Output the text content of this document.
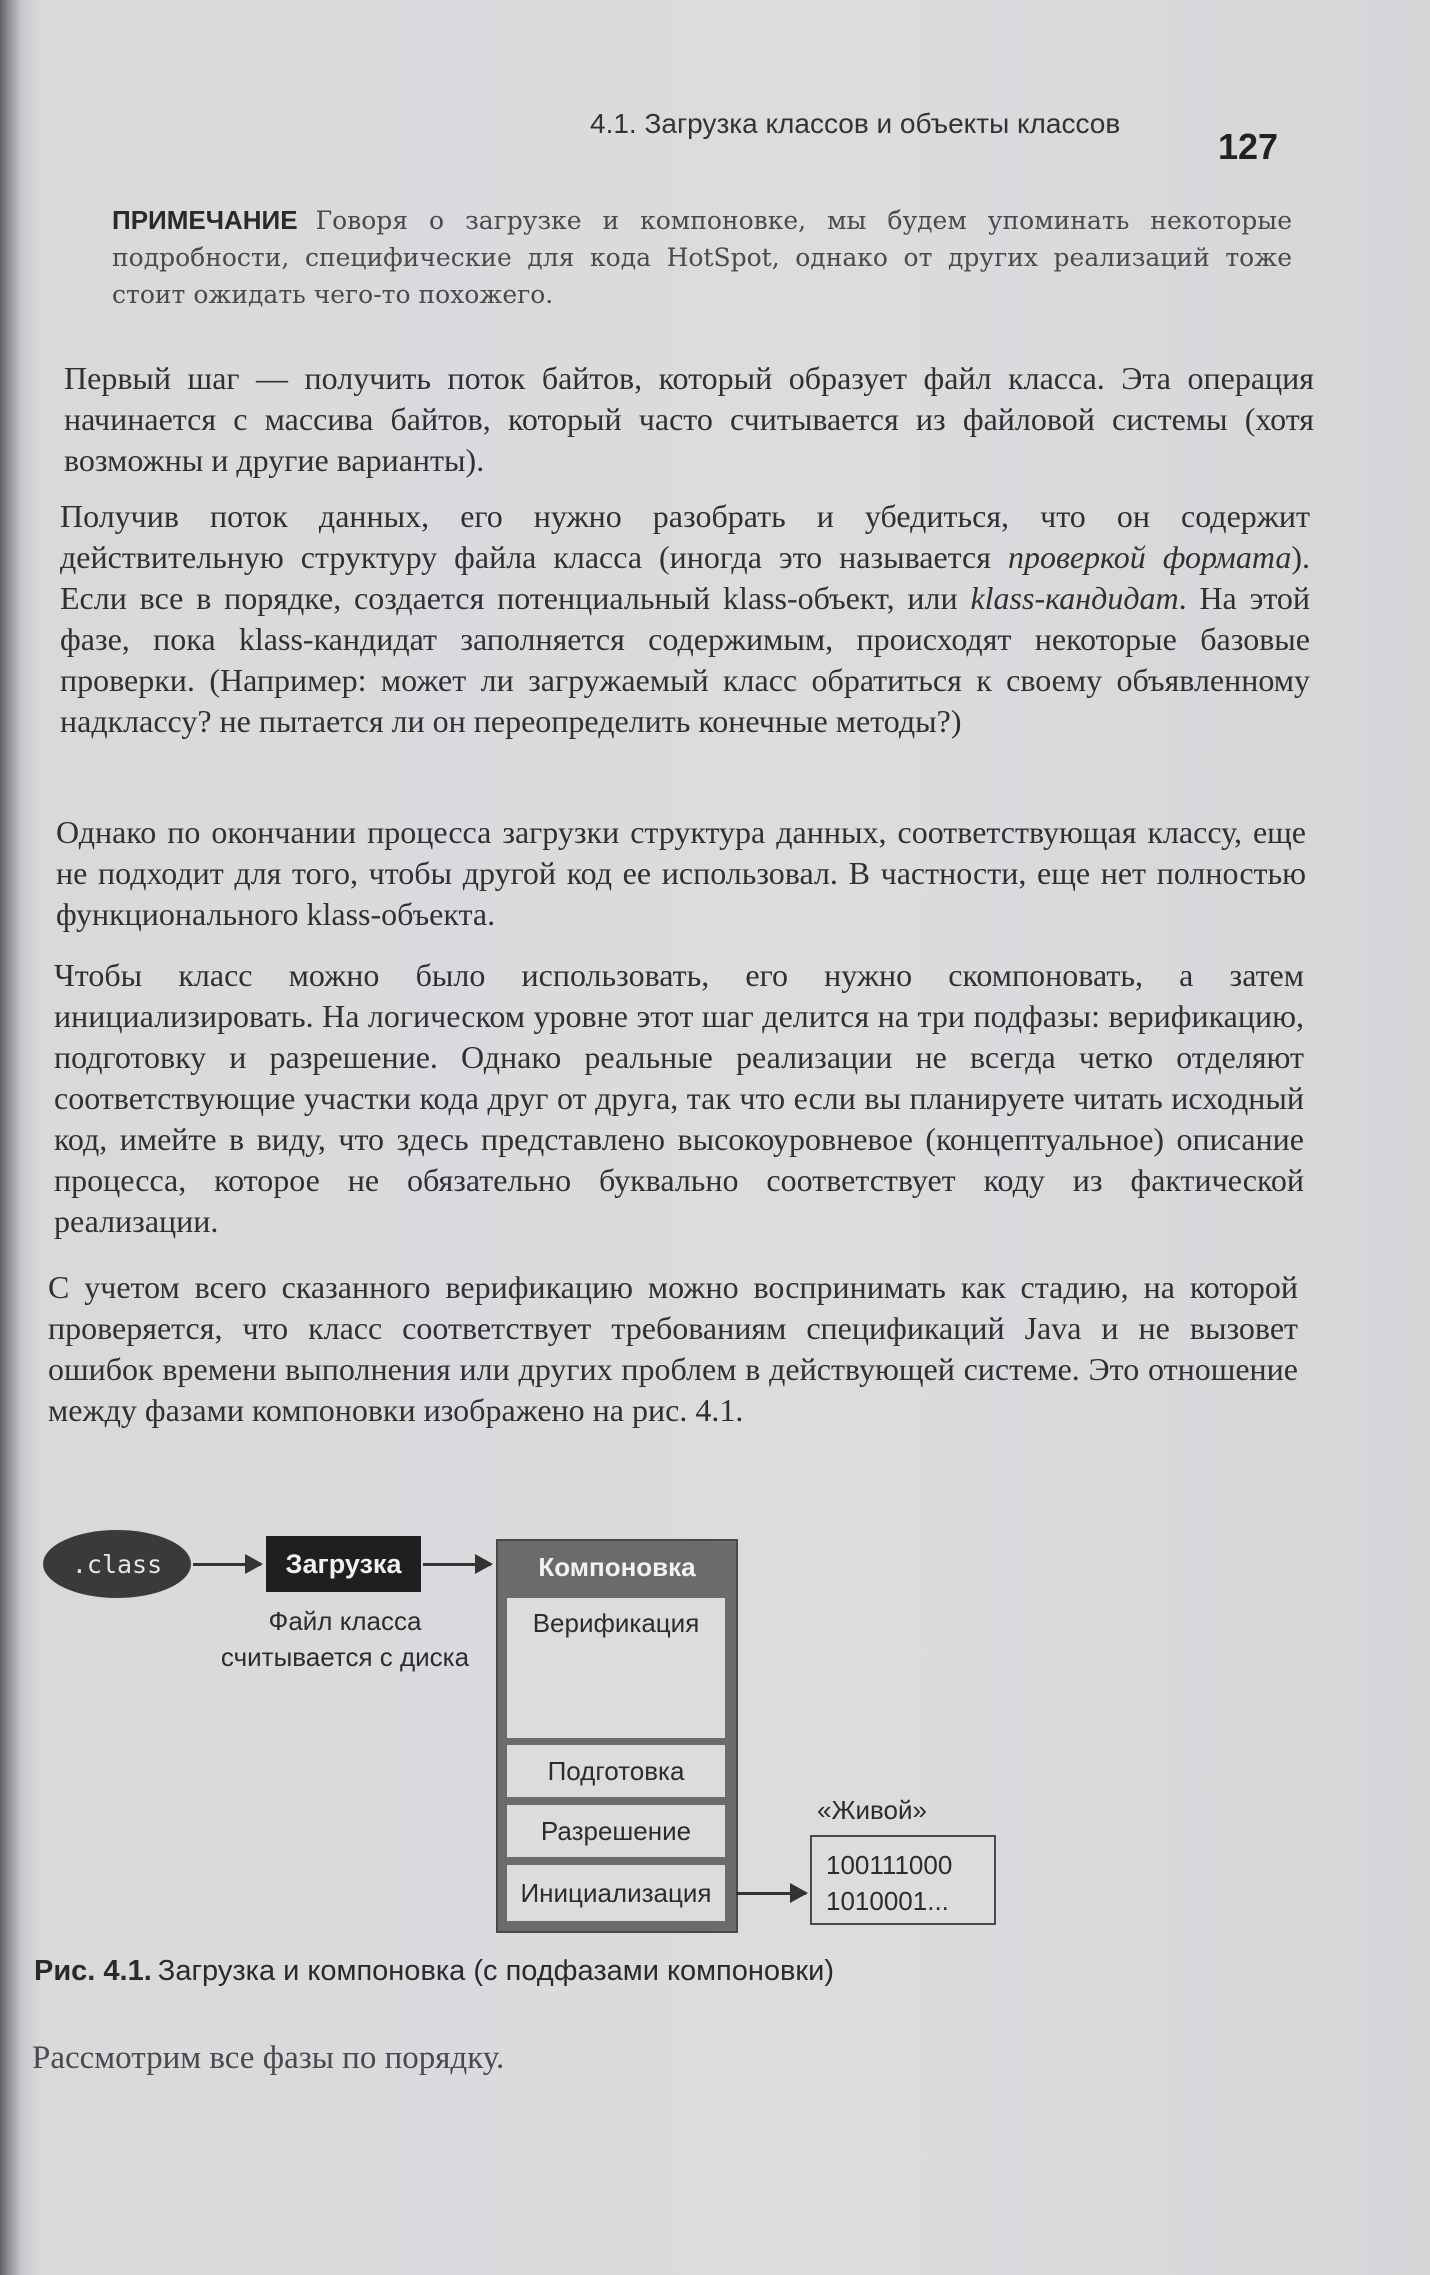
4.1. Загрузка классов и объекты классов
127
ПРИМЕЧАНИЕ Говоря о загрузке и компоновке, мы будем упоминать некоторые подробности, специфические для кода HotSpot, однако от других реализаций тоже стоит ожидать чего-то похожего.

Первый шаг — получить поток байтов, который образует файл класса. Эта операция начинается с массива байтов, который часто считывается из файловой системы (хотя возможны и другие варианты).

Получив поток данных, его нужно разобрать и убедиться, что он содержит действительную структуру файла класса (иногда это называется проверкой формата). Если все в порядке, создается потенциальный klass-объект, или klass-кандидат. На этой фазе, пока klass-кандидат заполняется содержимым, происходят некоторые базовые проверки. (Например: может ли загружаемый класс обратиться к своему объявленному надклассу? не пытается ли он переопределить конечные методы?)

Однако по окончании процесса загрузки структура данных, соответствующая классу, еще не подходит для того, чтобы другой код ее использовал. В частности, еще нет полностью функционального klass-объекта.

Чтобы класс можно было использовать, его нужно скомпоновать, а затем инициализировать. На логическом уровне этот шаг делится на три подфазы: верификацию, подготовку и разрешение. Однако реальные реализации не всегда четко отделяют соответствующие участки кода друг от друга, так что если вы планируете читать исходный код, имейте в виду, что здесь представлено высокоуровневое (концептуальное) описание процесса, которое не обязательно буквально соответствует коду из фактической реализации.

С учетом всего сказанного верификацию можно воспринимать как стадию, на которой проверяется, что класс соответствует требованиям спецификаций Java и не вызовет ошибок времени выполнения или других проблем в действующей системе. Это отношение между фазами компоновки изображено на рис. 4.1.

.class	Загрузка
Файл класса
считывается с диска
Компоновка
Верификация
Подготовка
Разрешение
Инициализация
«Живой»
100111000
1010001...
Рис. 4.1. Загрузка и компоновка (с подфазами компоновки)
Рассмотрим все фазы по порядку.
